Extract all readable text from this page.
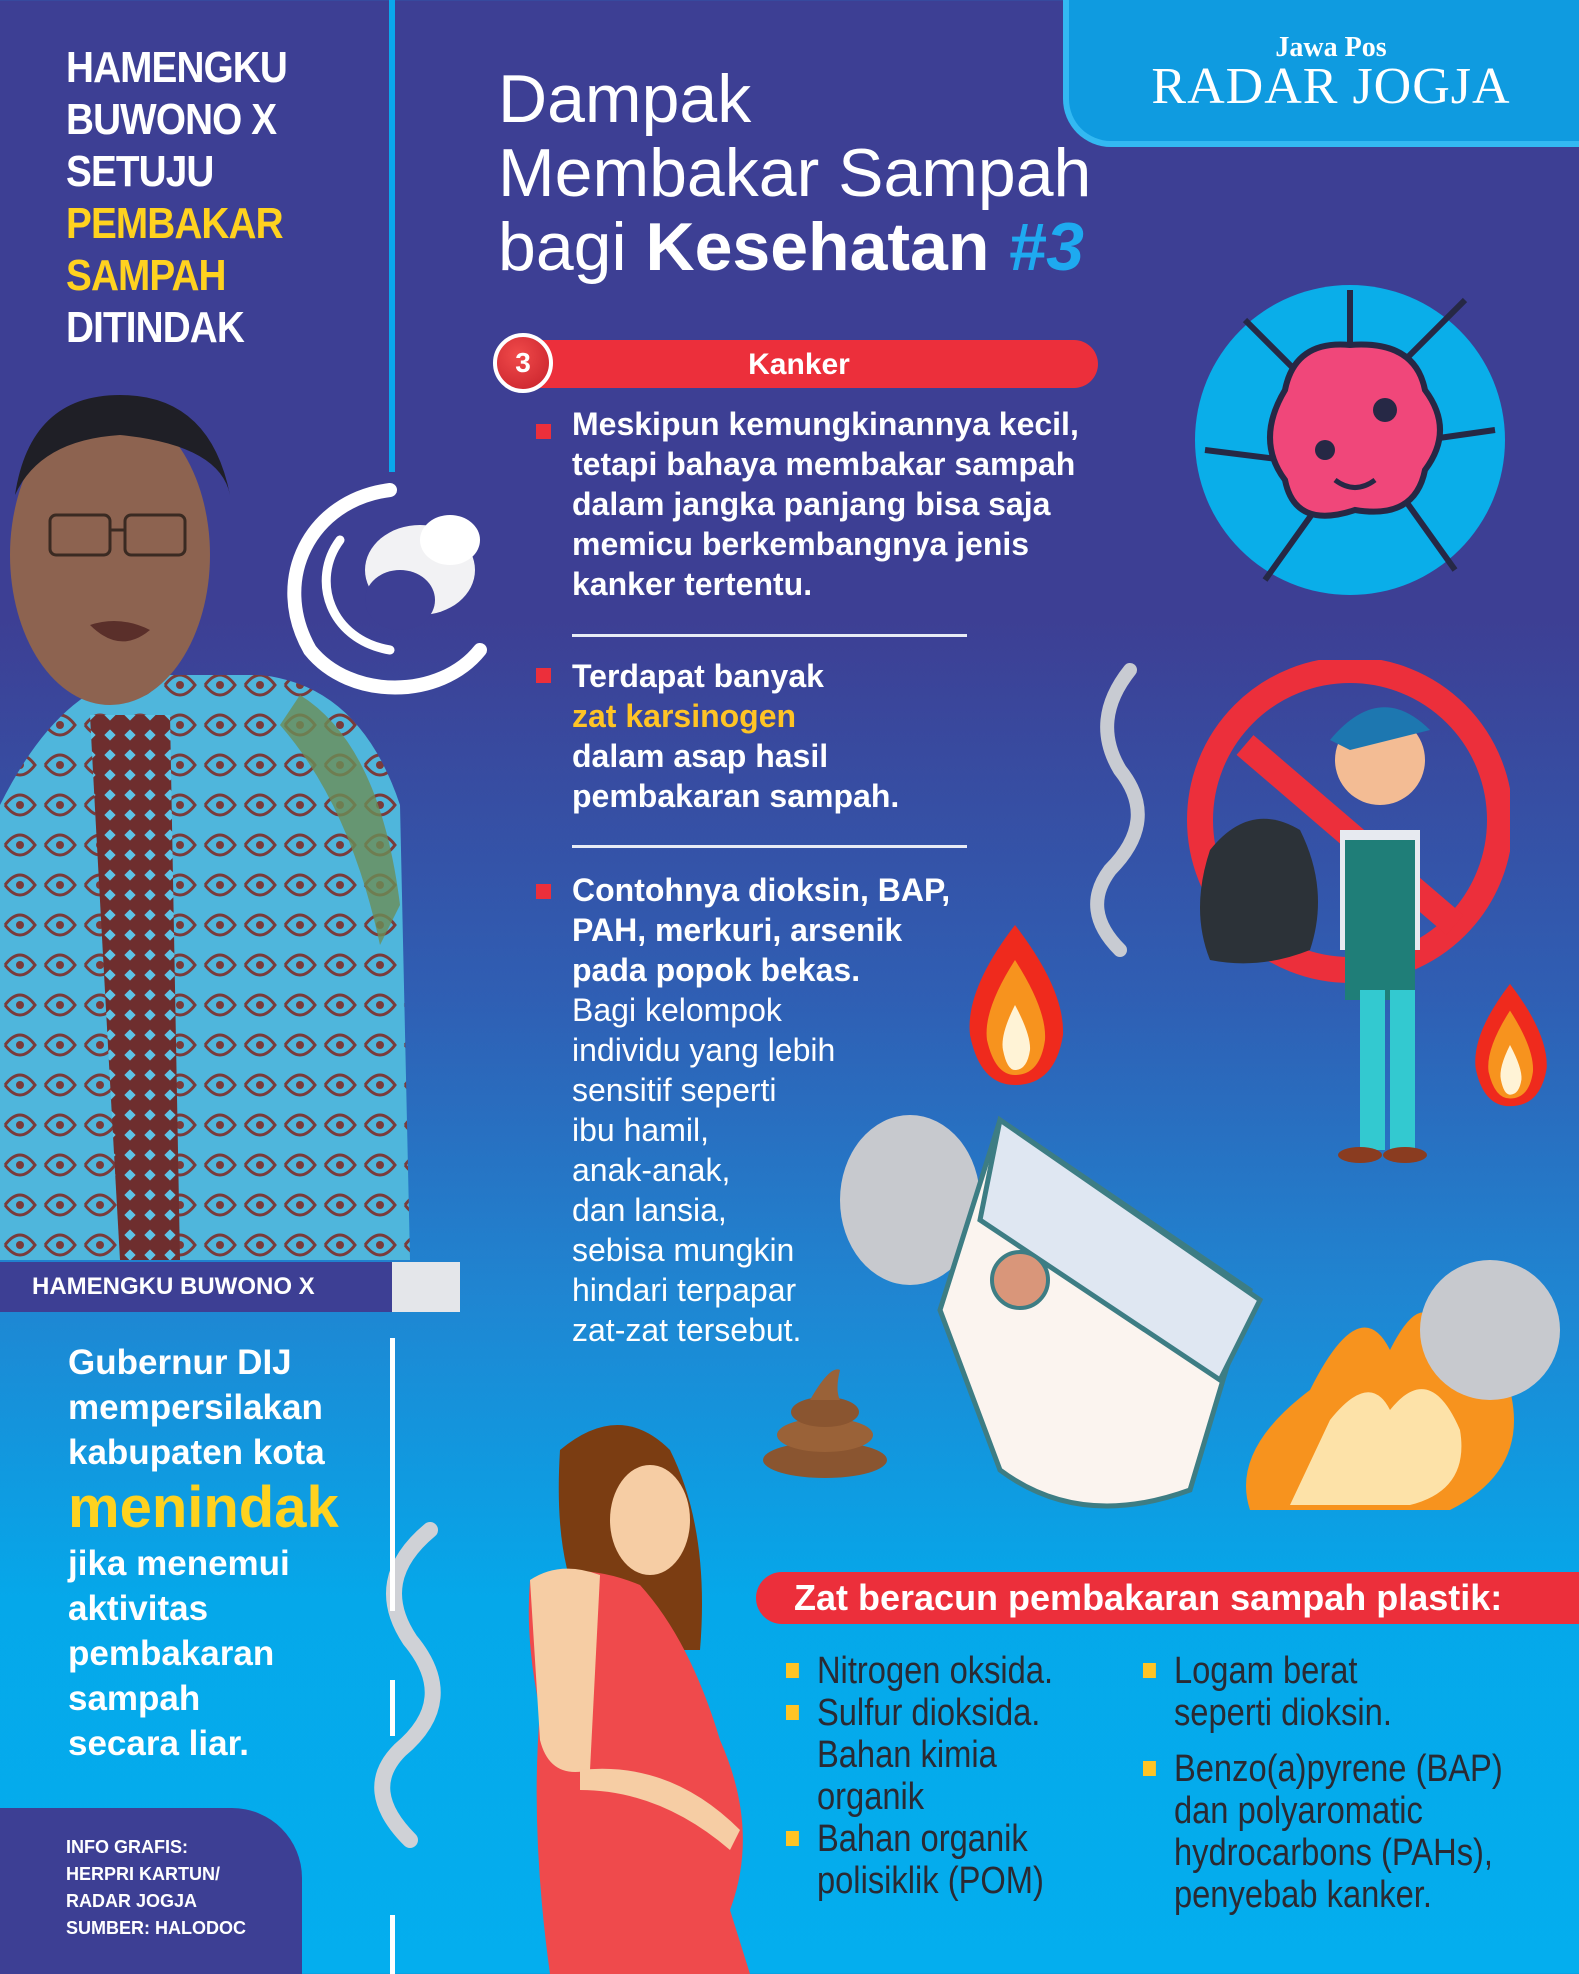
HAMENGKU
BUWONO X
SETUJU
PEMBAKAR
SAMPAH
DITINDAK
Jawa Pos
RADAR JOGJA
Dampak
Membakar Sampah
bagi Kesehatan #3
Kanker
3
Meskipun kemungkinannya kecil,
tetapi bahaya membakar sampah
dalam jangka panjang bisa saja
memicu berkembangnya jenis
kanker tertentu.
Terdapat banyak
zat karsinogen
dalam asap hasil
pembakaran sampah.
Contohnya dioksin, BAP,
PAH, merkuri, arsenik
pada popok bekas.
Bagi kelompok
individu yang lebih
sensitif seperti
ibu hamil,
anak-anak,
dan lansia,
sebisa mungkin
hindari terpapar
zat-zat tersebut.
HAMENGKU BUWONO X
Gubernur DIJ
mempersilakan
kabupaten kota
menindak
jika menemui
aktivitas
pembakaran
sampah
secara liar.
INFO GRAFIS:
HERPRI KARTUN/
RADAR JOGJA
SUMBER: HALODOC
Zat beracun pembakaran sampah plastik:
Nitrogen oksida.
Sulfur dioksida.
Bahan kimia
organik
Bahan organik
polisiklik (POM)
Logam berat
seperti dioksin.
Benzo(a)pyrene (BAP)
dan polyaromatic
hydrocarbons (PAHs),
penyebab kanker.
